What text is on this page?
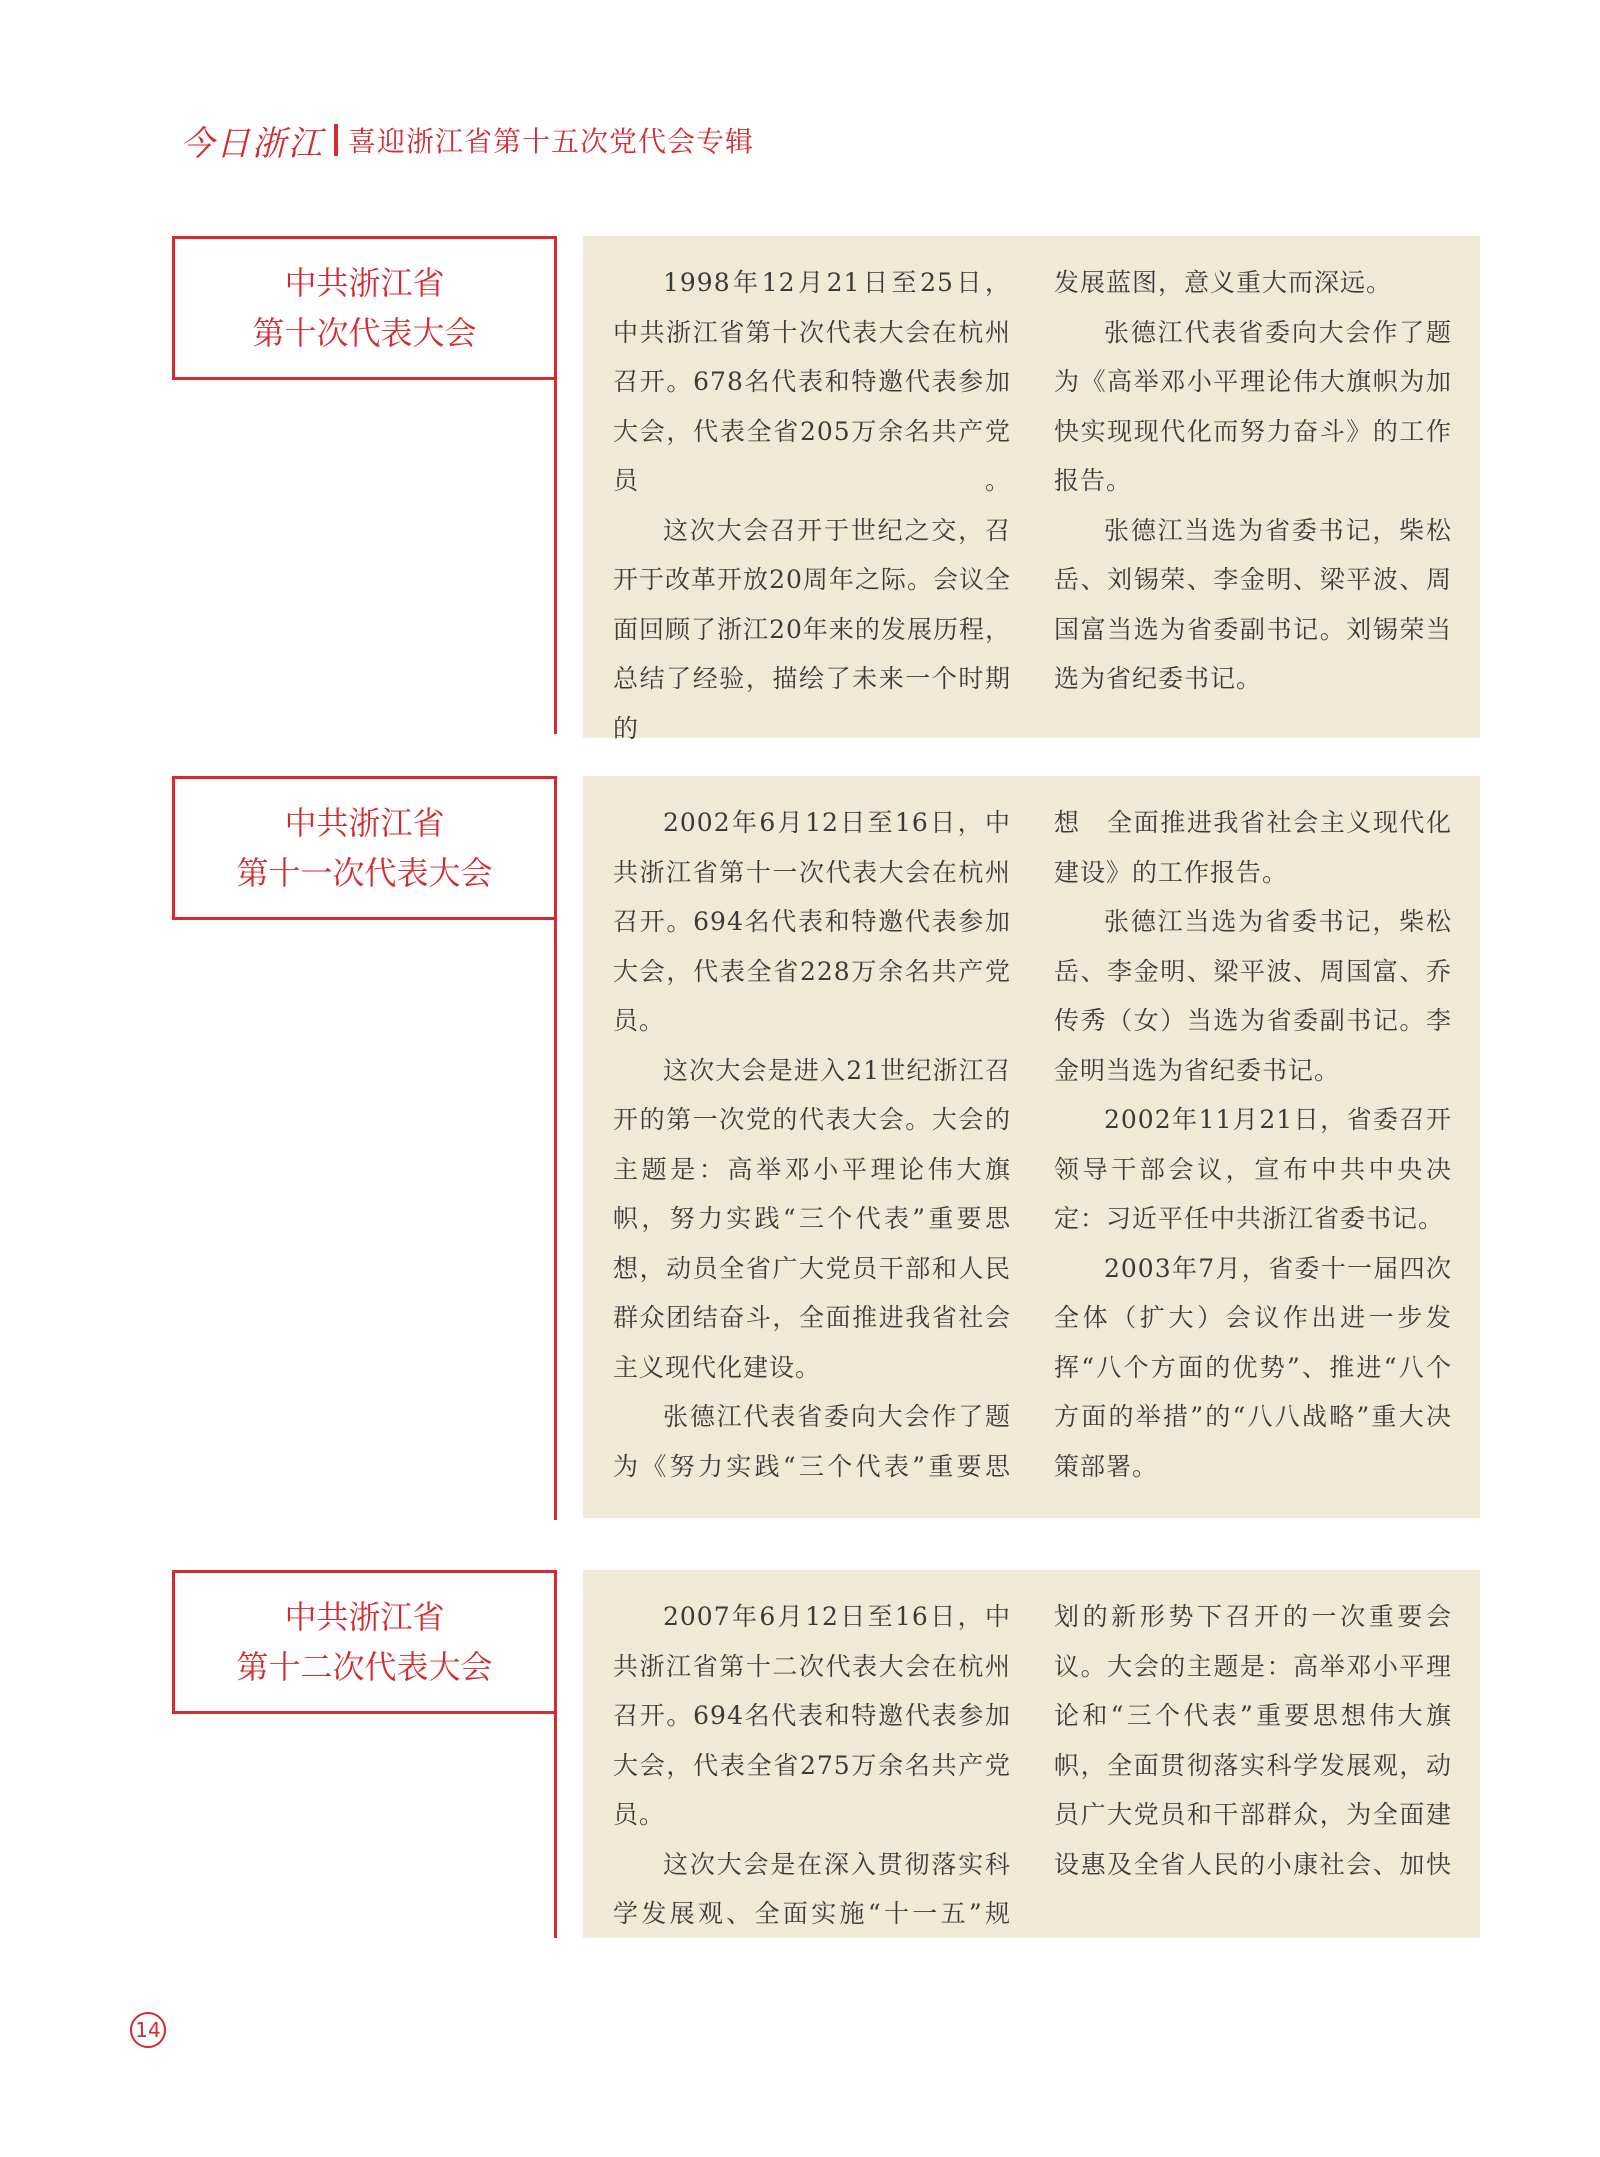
今日浙江 喜迎浙江省第十五次党代会专辑
中共浙江省
第十次代表大会

1998年12月21日至25日，中共浙江省第十次代表大会在杭州召开。678名代表和特邀代表参加大会，代表全省205万余名共产党员。

这次大会召开于世纪之交，召开于改革开放20周年之际。会议全面回顾了浙江20年来的发展历程，总结了经验，描绘了未来一个时期的

发展蓝图，意义重大而深远。

张德江代表省委向大会作了题为《高举邓小平理论伟大旗帜为加快实现现代化而努力奋斗》的工作报告。

张德江当选为省委书记，柴松岳、刘锡荣、李金明、梁平波、周国富当选为省委副书记。刘锡荣当选为省纪委书记。

中共浙江省
第十一次代表大会

2002年6月12日至16日，中共浙江省第十一次代表大会在杭州召开。694名代表和特邀代表参加大会，代表全省228万余名共产党员。

这次大会是进入21世纪浙江召开的第一次党的代表大会。大会的主题是：高举邓小平理论伟大旗帜，努力实践“三个代表”重要思想，动员全省广大党员干部和人民群众团结奋斗，全面推进我省社会主义现代化建设。

张德江代表省委向大会作了题为《努力实践“三个代表”重要思

想　全面推进我省社会主义现代化建设》的工作报告。

张德江当选为省委书记，柴松岳、李金明、梁平波、周国富、乔传秀（女）当选为省委副书记。李金明当选为省纪委书记。

2002年11月21日，省委召开领导干部会议，宣布中共中央决定：习近平任中共浙江省委书记。

2003年7月，省委十一届四次全体（扩大）会议作出进一步发挥“八个方面的优势”、推进“八个方面的举措”的“八八战略”重大决策部署。

中共浙江省
第十二次代表大会

2007年6月12日至16日，中共浙江省第十二次代表大会在杭州召开。694名代表和特邀代表参加大会，代表全省275万余名共产党员。

这次大会是在深入贯彻落实科学发展观、全面实施“十一五”规

划的新形势下召开的一次重要会议。大会的主题是：高举邓小平理论和“三个代表”重要思想伟大旗帜，全面贯彻落实科学发展观，动员广大党员和干部群众，为全面建设惠及全省人民的小康社会、加快

14
